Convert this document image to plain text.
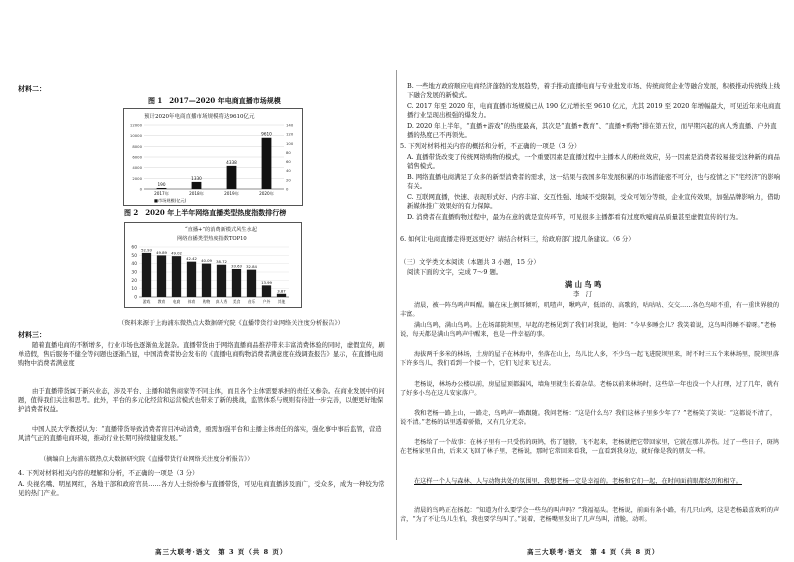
材料二：
图 1　2017—2020 年电商直播市场规模
预计2020年电商直播市场规模将达9610亿元
0
2000
4000
6000
8000
10000
12000
0
20
40
60
80
100
120
140
190
2017年
1330
2018年
4338
2019年
9610
2020年
■市场规模(亿元)
图 2　2020 年上半年网络直播类型热度指数排行榜
“直播+”的消费新模式风生水起
网络直播类型热度指数TOP10
0
10
20
30
40
50
60 52.93
游戏
49.89
教育
49.02
电商
42.42
体育
40.09
购物
38.72
真人秀
33.63
美食
32.84
音乐
13.99
户外
3.87
其他
（资料来源于上海浦东微热点大数据研究院《直播带货行业网络关注度分析报告》）
材料三：
随着直播电商的不断增多，行业市场也逐渐鱼龙混杂。直播带货由于网络直播商品推荐带来丰富消费体验的同时，虚假宣传，刷单造假，售后服务不健全等问题也逐渐凸显，中国消费者协会发布的《直播电商购物消费者满意度在线调查报告》显示，在直播电商购物中消费者满意度
由于直播带货属于新兴业态，涉及平台、主播和销售商家等不同主体，而且各个主体需要承担的责任又参杂。在商业发展中的问题，值得我们关注和思考。此外，平台的多元化经营和运营模式也带来了新的挑战，监管体系与规则有待进一步完善，以便更好地保护消费者权益。
中国人民大学教授认为：“直播带货导致消费者盲目冲动消费，亟需加强平台和主播主体责任的落实，强化事中事后监管，营造风清气正的直播电商环境，推动行业长期可持续健康发展。”
（摘编自上海浦东微热点大数据研究院《直播带货行业网络关注度分析报告》）
4. 下列对材料相关内容的理解和分析，不正确的一项是（3 分）
A. 央视名嘴、明星网红，各地干部和政府官员……各方人士纷纷参与直播带货，可见电商直播涉及面广，受众多，成为一种较为常见的热门产业。
高三大联考·语文　第 3 页（共 8 页）
B. 一些地方政府顺应电商经济蓬勃的发展趋势，着手推动直播电商与专业批发市场、传统商贸企业等融合发展，积极推动传统线上线下融合发展的新模式。
C. 2017 年至 2020 年，电商直播市场规模已从 190 亿元增长至 9610 亿元，尤其 2019 至 2020 年增幅最大，可见近年来电商直播行业呈现出极强的爆发力。
D. 2020 年上半年，“直播+游戏”的热度最高，其次是“直播+教育”、“直播+购物”排在第五位，而早期兴起的真人秀直播、户外直播的热度已不再领先。
5. 下列对材料相关内容的概括和分析，不正确的一项是（3 分）
A. 直播带货改变了传统网络购物的模式，一个重要因素是直播过程中主播本人的粉丝效应，另一因素是消费者较易接受这种新的商品销售模式。
B. 网络直播电商满足了众多的新型消费者的需求，这一结果与我国多年发展积累的市场潜能密不可分，也与疫情之下“宅经济”的影响有关。
C. 互联网直播，快速、表现形式好、内容丰富、交互性强、地域不受限制，受众可划分等级，企业宣传效果，加强品牌影响力，借助新媒体推广效果好的有力保障。
D. 消费者在直播购物过程中，最为在意的就是宣传环节，可见很多主播都看有过度吹嘘商品质量甚至虚假宣传的行为。
6. 如何让电商直播走得更远更好？请结合材料三，给政府部门提几条建议。（6 分）
（三）文学类文本阅读（本题共 3 小题，15 分）
阅读下面的文字，完成 7～9 题。
满 山 鸟 鸣
李　汀
清晨，被一阵鸟鸣声叫醒。躺在床上侧耳倾听，叽喳声，啾鸣声，低语的、高歌的，咕咕咕、交交……各色鸟啼不重，有一重世界般的丰富。
满山鸟鸣，满山鸟鸣。上在场部院坝里，早起的老杨见到了我们对我说，他问：“今早多睡会儿？我笑着说，这鸟叫得睡不着呀。”老杨说，每天都是满山鸟鸣声中醒来，也是一件幸福的事。
海拔两千多米的林场，土房的屋子在林海中，坐落在山上，鸟儿比人多，不少鸟一起飞进院坝里来，时不时三五个来林场里，院坝里落下许多鸟儿，我们看到一个接一个，它们飞过来飞过去。
老杨说，林场办公楼以前，房屋屋顶都漏风，墙角里就生长着杂草。老杨以前来林场时，这些草一年也没一个人打理，过了几年，就有了好多小鸟在这儿安家落户。
我和老杨一路上山，一路走，鸟鸣声一路跟随。我问老杨：“这是什么鸟？我们这林子里多少年了？”老杨笑了笑说：“这都说不清了，说不清。”老杨的话里透着骄傲，又有几分无奈。
老杨给了一个故事：在林子里有一只受伤的斑鸠，伤了翅膀，飞不起来，老杨就把它带回家里，它就在那儿养伤。过了一些日子，斑鸠在老杨家里自由，后来又飞回了林子里，老杨说，那时它常回来看我，一直看到我身边，就好像是我的朋友一样。
在这样一个人与森林、人与动物共处的氛围里，我想老杨一定是幸福的。老杨和它们一起，在时间面前眼都经历和相守。
清晨的鸟鸣正在扬起：“知道为什么要学会一些鸟的叫声吗？”我福福头。老杨说，前面有条小路，有几只山鸡，这是老杨最喜欢听的声音，“为了不让鸟儿生怕，我也要学鸟叫了。”说着，老杨嘴里发出了几声鸟叫，清脆，动听。
高三大联考·语文　第 4 页（共 8 页）
